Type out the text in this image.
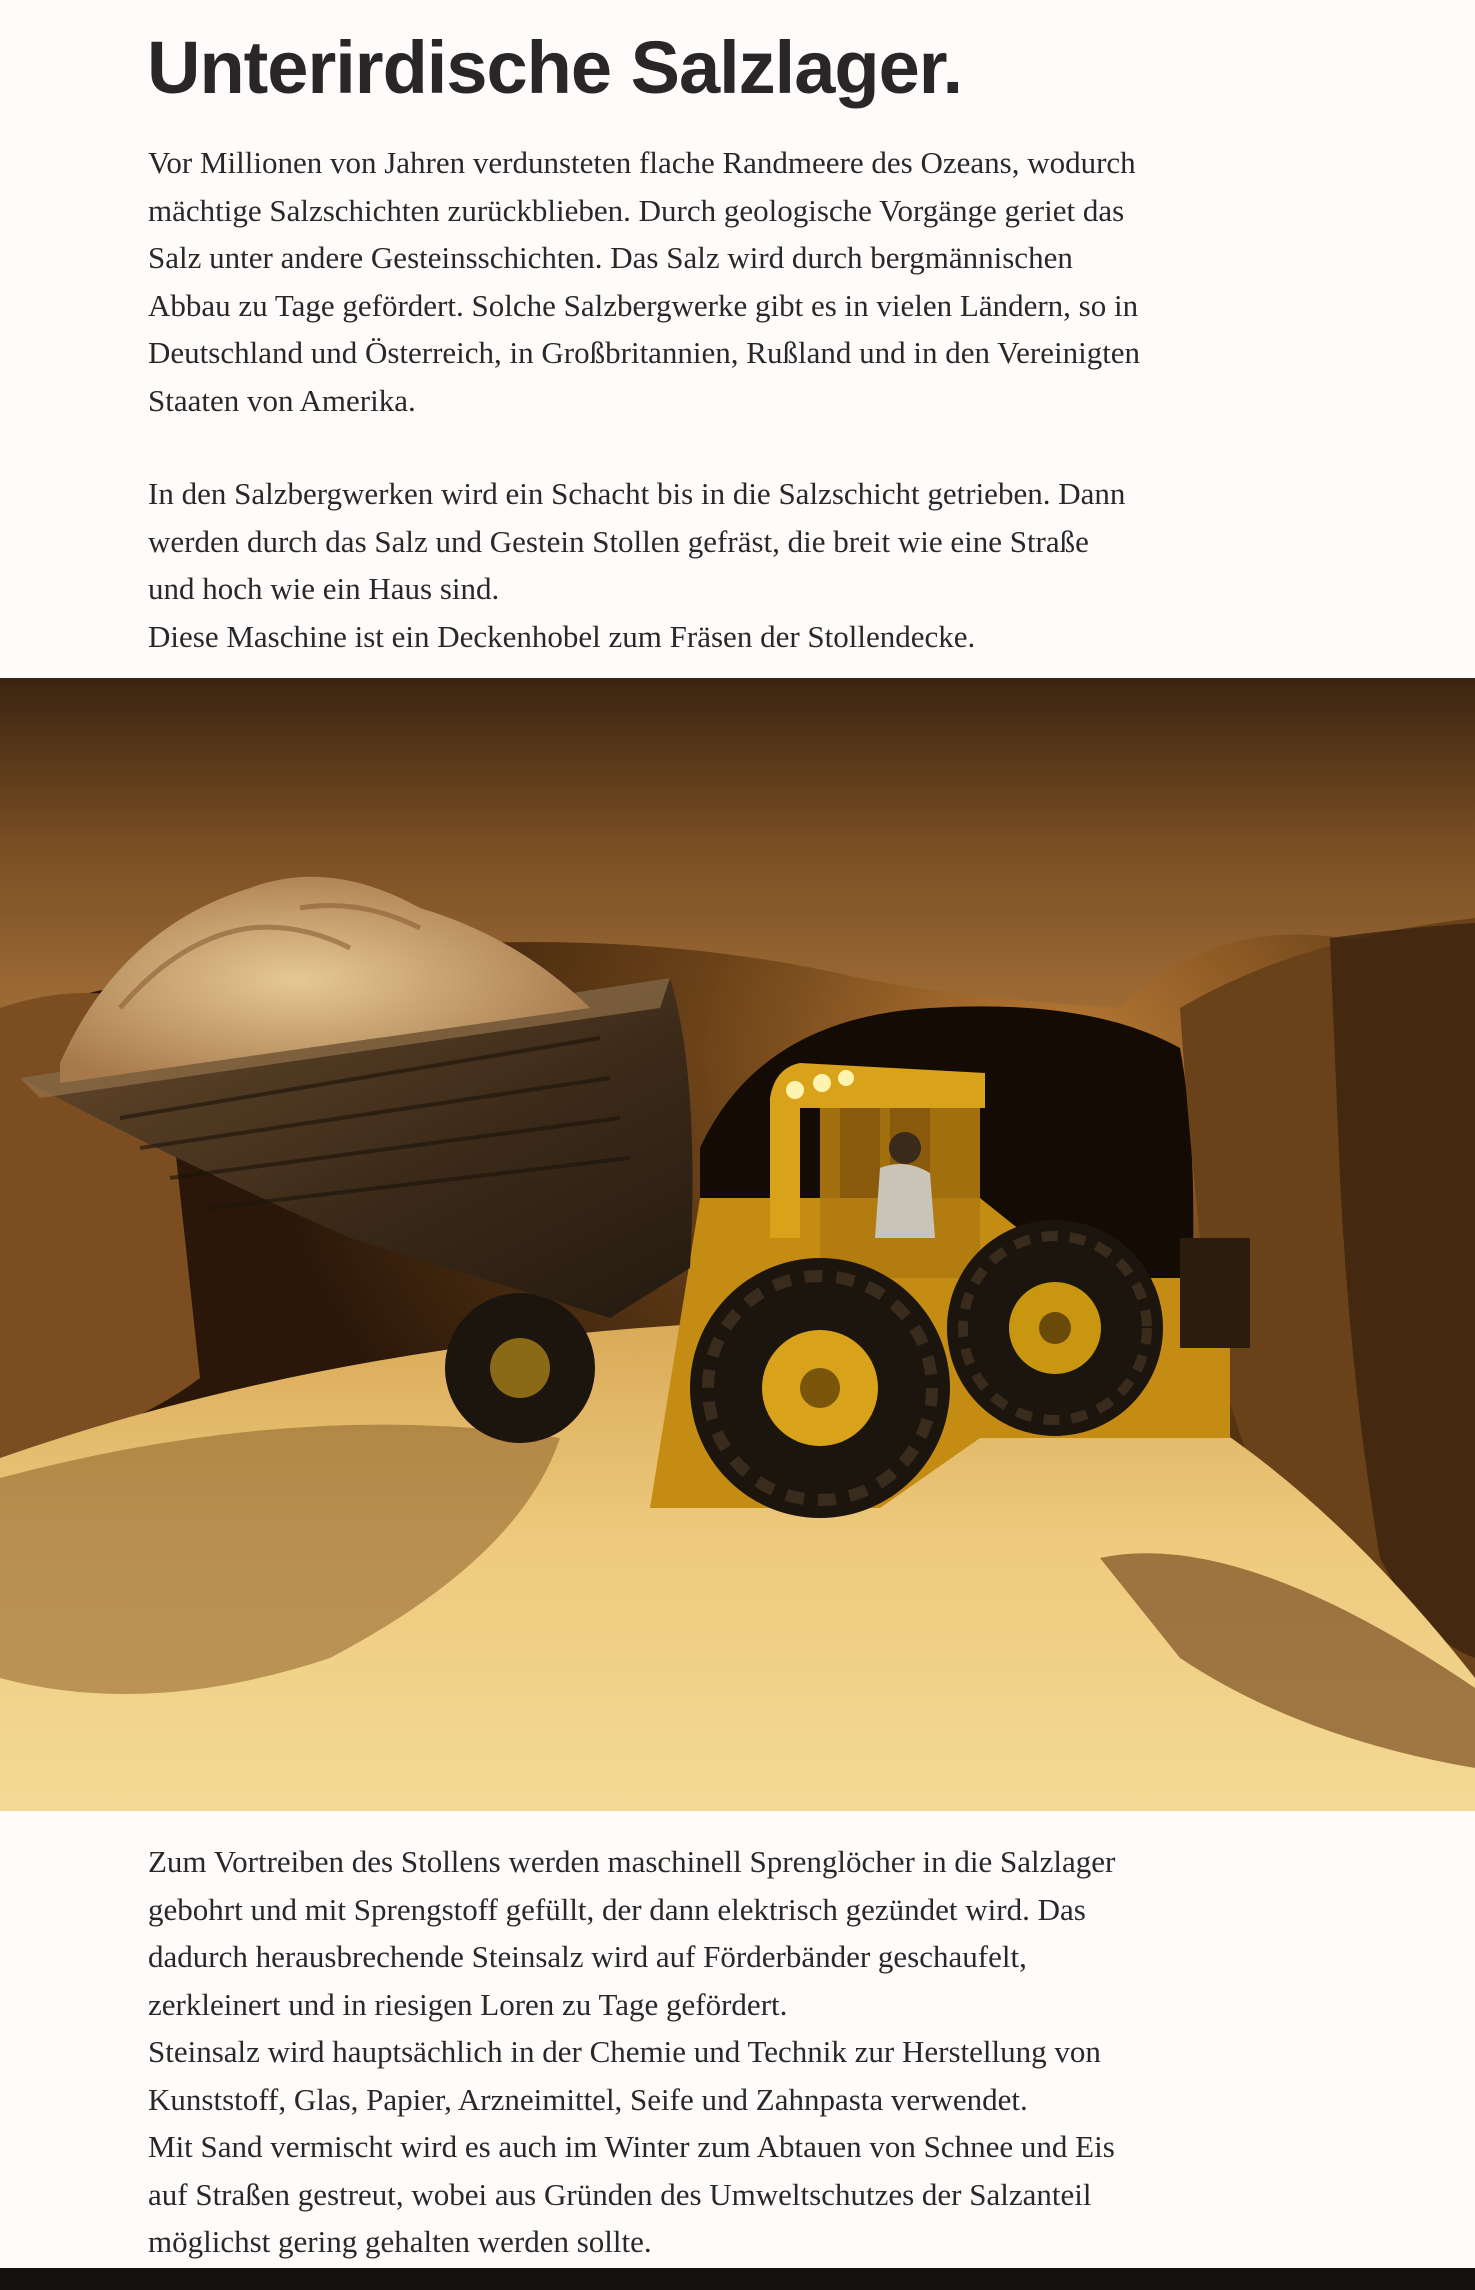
Unterirdische Salzlager.
Vor Millionen von Jahren verdunsteten flache Randmeere des Ozeans, wodurch
mächtige Salzschichten zurückblieben. Durch geologische Vorgänge geriet das
Salz unter andere Gesteinsschichten. Das Salz wird durch bergmännischen
Abbau zu Tage gefördert. Solche Salzbergwerke gibt es in vielen Ländern, so in
Deutschland und Österreich, in Großbritannien, Rußland und in den Vereinigten
Staaten von Amerika.
In den Salzbergwerken wird ein Schacht bis in die Salzschicht getrieben. Dann
werden durch das Salz und Gestein Stollen gefräst, die breit wie eine Straße
und hoch wie ein Haus sind.
Diese Maschine ist ein Deckenhobel zum Fräsen der Stollendecke.
Zum Vortreiben des Stollens werden maschinell Sprenglöcher in die Salzlager
gebohrt und mit Sprengstoff gefüllt, der dann elektrisch gezündet wird. Das
dadurch herausbrechende Steinsalz wird auf Förderbänder geschaufelt,
zerkleinert und in riesigen Loren zu Tage gefördert.
Steinsalz wird hauptsächlich in der Chemie und Technik zur Herstellung von
Kunststoff, Glas, Papier, Arzneimittel, Seife und Zahnpasta verwendet.
Mit Sand vermischt wird es auch im Winter zum Abtauen von Schnee und Eis
auf Straßen gestreut, wobei aus Gründen des Umweltschutzes der Salzanteil
möglichst gering gehalten werden sollte.
